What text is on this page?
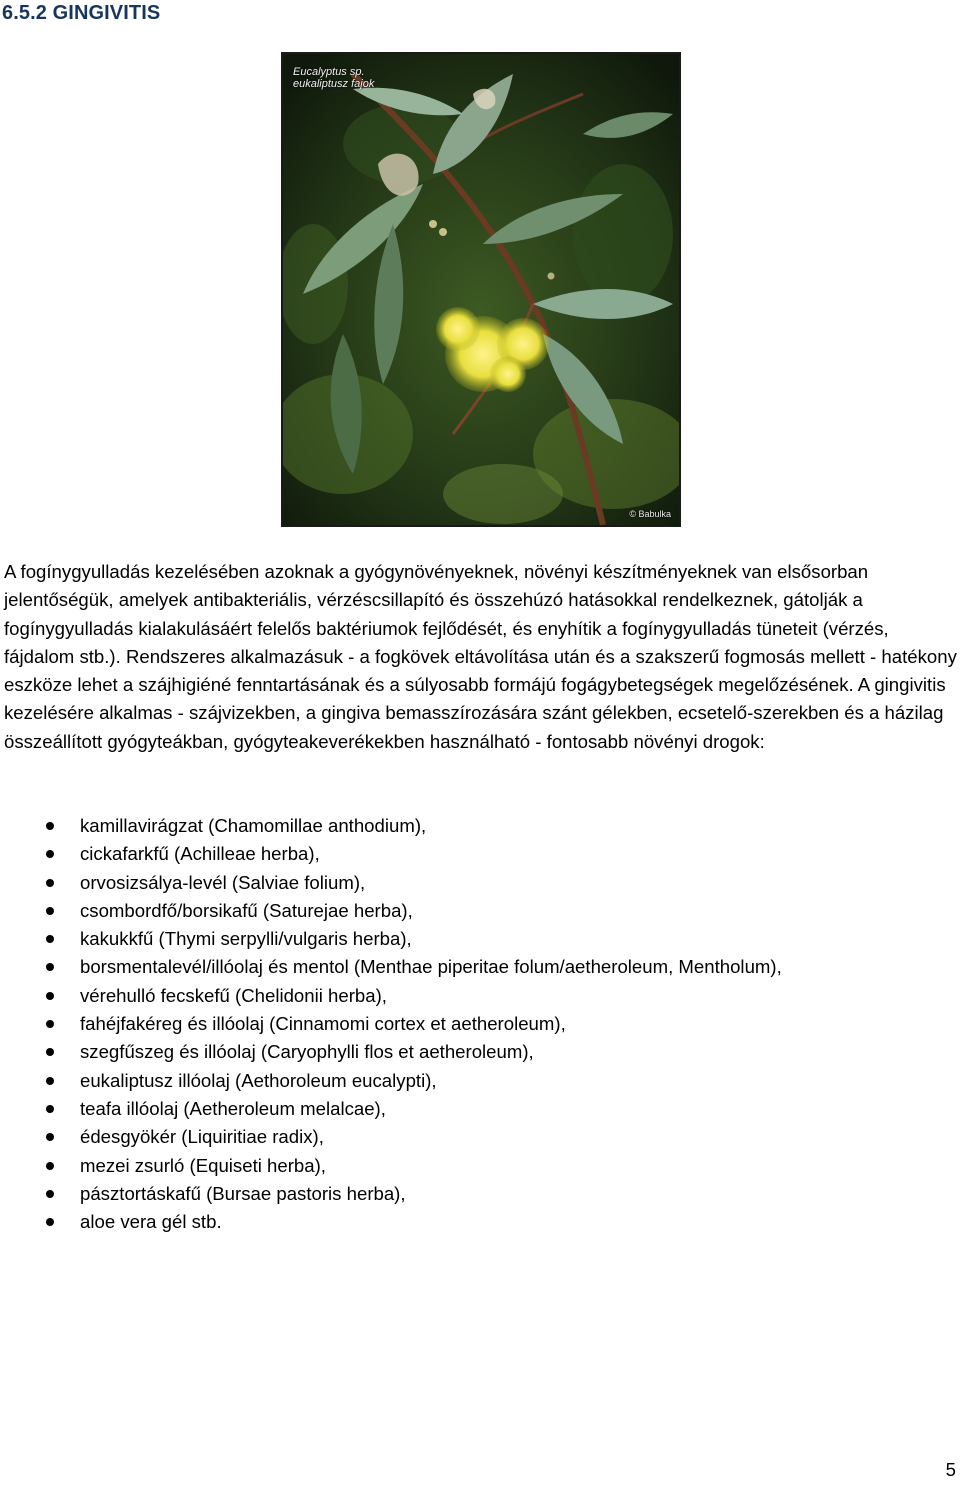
6.5.2 GINGIVITIS
Eucalyptus sp.
eukaliptusz fajok
© Babulka

A fogínygyulladás kezelésében azoknak a gyógynövényeknek, növényi készítményeknek van elsősorban jelentőségük, amelyek antibakteriális, vérzéscsillapító és összehúzó hatásokkal rendelkeznek, gátolják a fogínygyulladás kialakulásáért felelős baktériumok fejlődését, és enyhítik a fogínygyulladás tüneteit (vérzés, fájdalom stb.). Rendszeres alkalmazásuk - a fogkövek eltávolítása után és a szakszerű fogmosás mellett - hatékony eszköze lehet a szájhigiéné fenntartásának és a súlyosabb formájú fogágybetegségek megelőzésének. A gingivitis kezelésére alkalmas - szájvizekben, a gingiva bemasszírozására szánt gélekben, ecsetelő-szerekben és a házilag összeállított gyógyteákban, gyógyteakeverékekben használható - fontosabb növényi drogok:

kamillavirágzat (Chamomillae anthodium),
cickafarkfű (Achilleae herba),
orvosizsálya-levél (Salviae folium),
csombordfő/borsikafű (Saturejae herba),
kakukkfű (Thymi serpylli/vulgaris herba),
borsmentalevél/illóolaj és mentol (Menthae piperitae folum/aetheroleum, Mentholum),
vérehulló fecskefű (Chelidonii herba),
fahéjfakéreg és illóolaj (Cinnamomi cortex et aetheroleum),
szegfűszeg és illóolaj (Caryophylli flos et aetheroleum),
eukaliptusz illóolaj (Aethoroleum eucalypti),
teafa illóolaj (Aetheroleum melalcae),
édesgyökér (Liquiritiae radix),
mezei zsurló (Equiseti herba),
pásztortáskafű (Bursae pastoris herba),
aloe vera gél stb.
5
